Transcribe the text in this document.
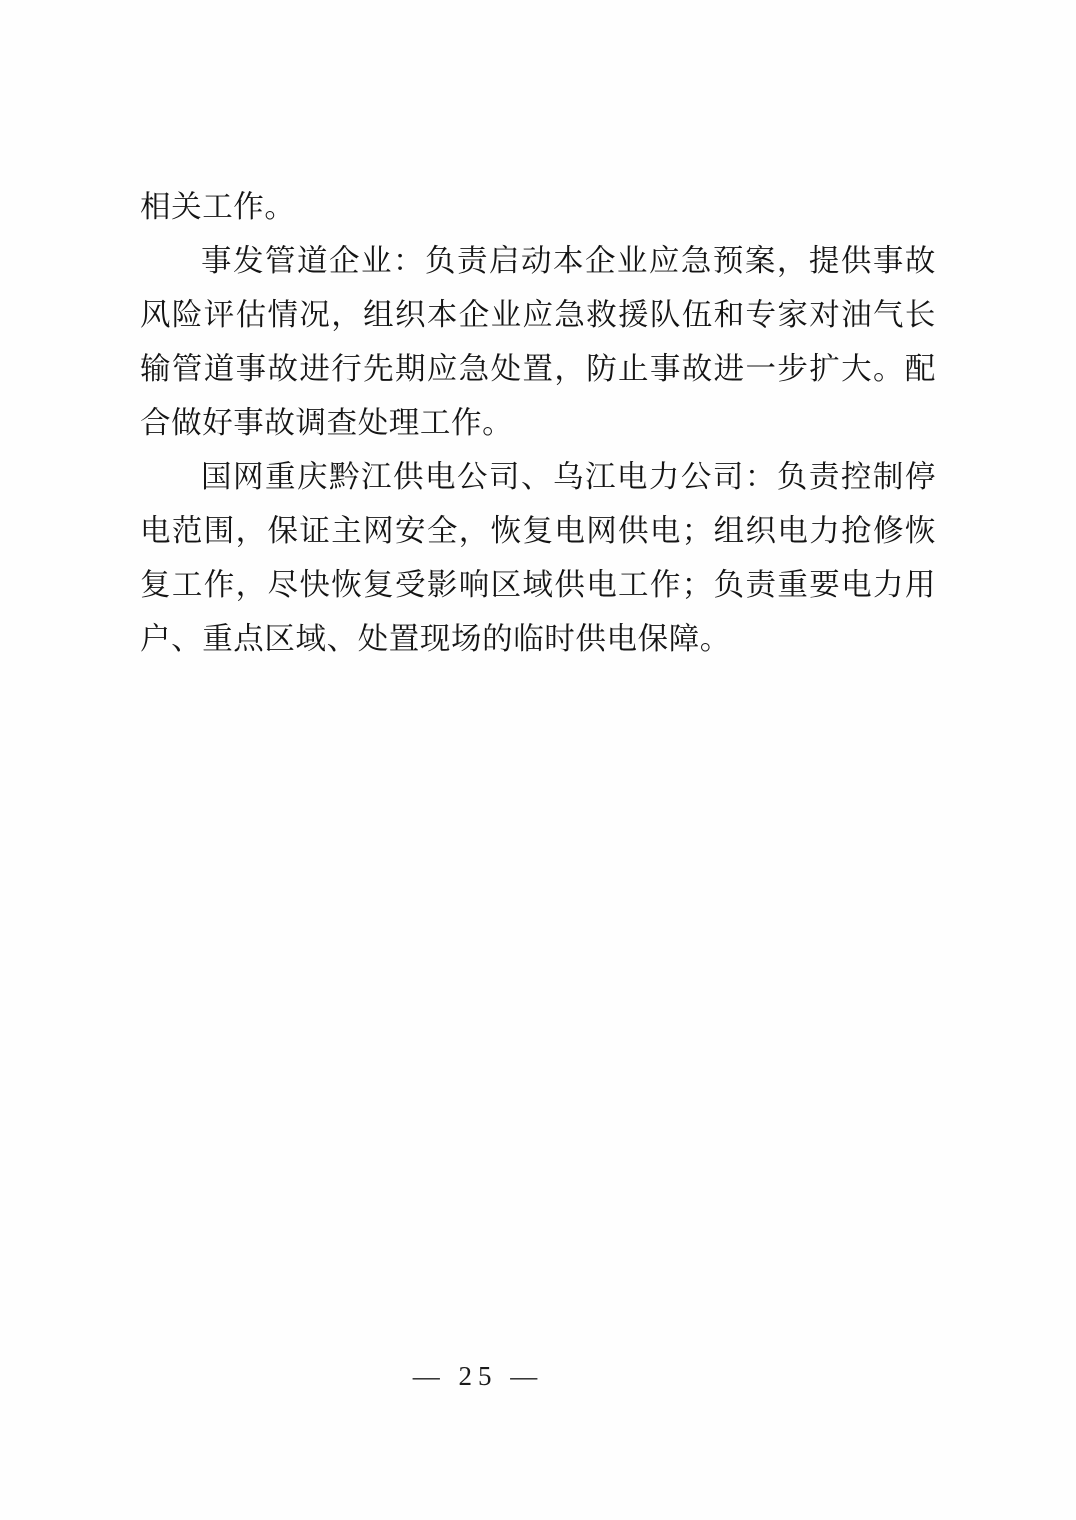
相关工作。

事发管道企业：负责启动本企业应急预案，提供事故风险评估情况，组织本企业应急救援队伍和专家对油气长输管道事故进行先期应急处置，防止事故进一步扩大。配合做好事故调查处理工作。

国网重庆黔江供电公司、乌江电力公司：负责控制停电范围，保证主网安全，恢复电网供电；组织电力抢修恢复工作，尽快恢复受影响区域供电工作；负责重要电力用户、重点区域、处置现场的临时供电保障。

— 25 —
